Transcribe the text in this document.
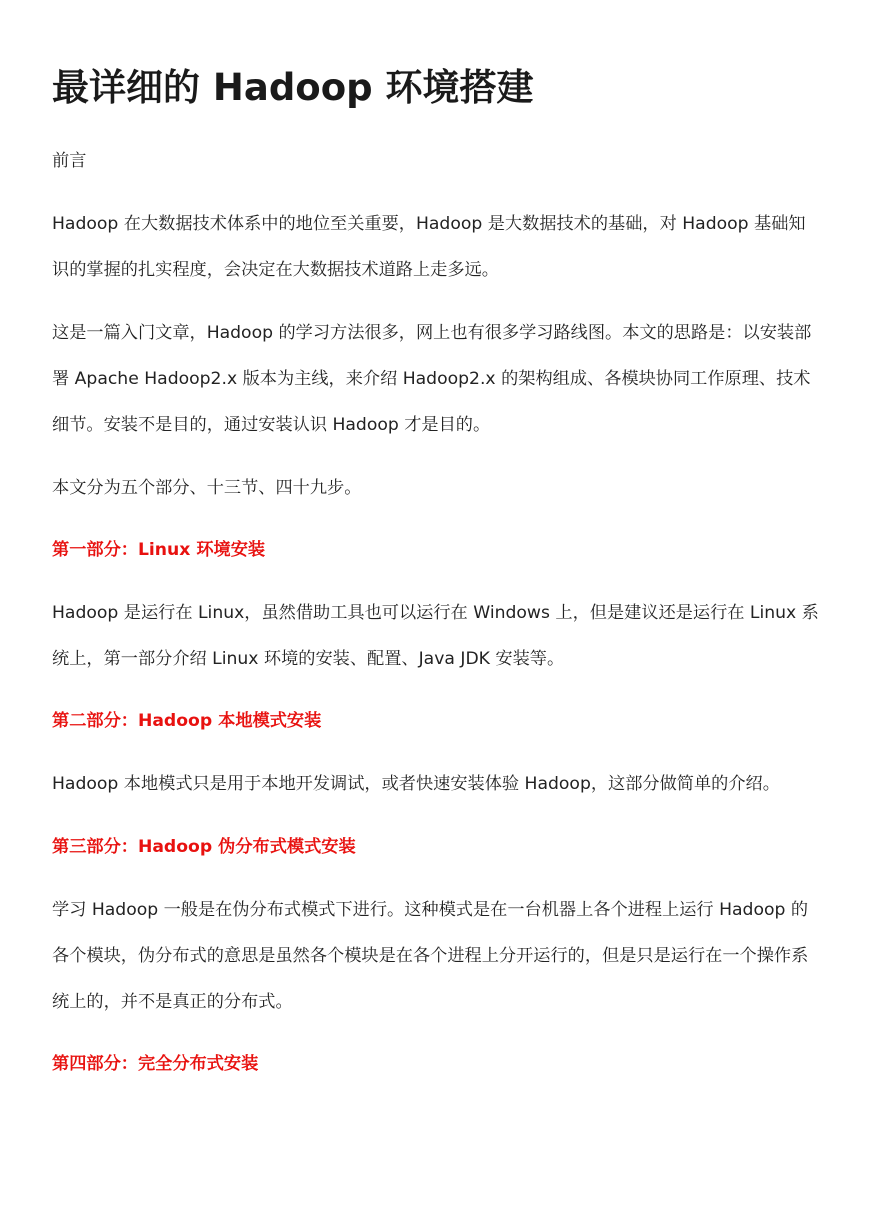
最详细的 Hadoop 环境搭建

前言

Hadoop 在大数据技术体系中的地位至关重要，Hadoop 是大数据技术的基础，对 Hadoop 基础知识的掌握的扎实程度，会决定在大数据技术道路上走多远。

这是一篇入门文章，Hadoop 的学习方法很多，网上也有很多学习路线图。本文的思路是：以安装部署 Apache Hadoop2.x 版本为主线，来介绍 Hadoop2.x 的架构组成、各模块协同工作原理、技术细节。安装不是目的，通过安装认识 Hadoop 才是目的。

本文分为五个部分、十三节、四十九步。

第一部分：Linux 环境安装

Hadoop 是运行在 Linux，虽然借助工具也可以运行在 Windows 上，但是建议还是运行在 Linux 系统上，第一部分介绍 Linux 环境的安装、配置、Java JDK 安装等。

第二部分：Hadoop 本地模式安装

Hadoop 本地模式只是用于本地开发调试，或者快速安装体验 Hadoop，这部分做简单的介绍。

第三部分：Hadoop 伪分布式模式安装

学习 Hadoop 一般是在伪分布式模式下进行。这种模式是在一台机器上各个进程上运行 Hadoop 的各个模块，伪分布式的意思是虽然各个模块是在各个进程上分开运行的，但是只是运行在一个操作系统上的，并不是真正的分布式。

第四部分：完全分布式安装
